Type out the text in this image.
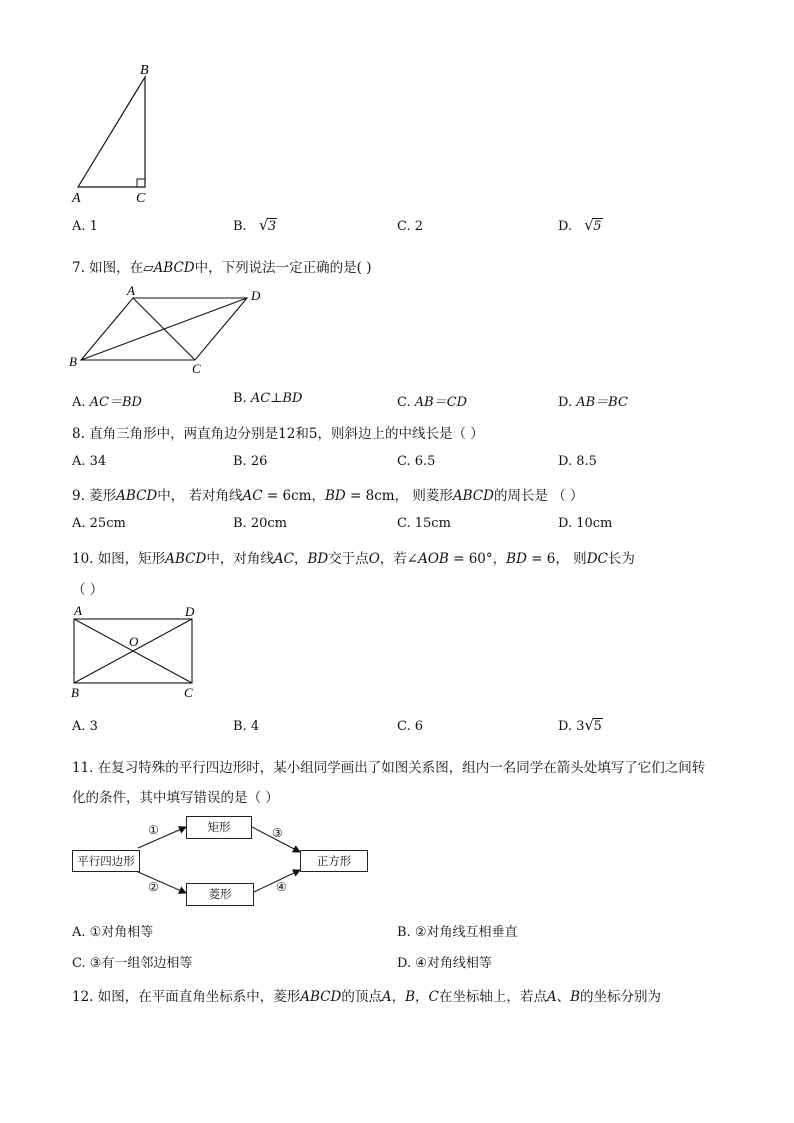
B
A	C
A. 1	B. √ 3	C. 2	D. √ 5
7. 如图，在▱ABCD中，下列说法一定正确的是( )
A	D
B	C
A. AC＝BD	B. AC⊥BD	C. AB＝CD	D. AB＝BC
8. 直角三角形中，两直角边分别是12和5，则斜边上的中线长是（ ）
A. 34	B. 26	C. 6.5	D. 8.5
9. 菱形ABCD中， 若对角线AC = 6cm，BD = 8cm， 则菱形ABCD的周长是 （ ）
A. 25cm	B. 20cm	C. 15cm	D. 10cm
10. 如图，矩形ABCD中，对角线AC，BD交于点O，若∠AOB = 60°，BD = 6， 则DC长为
（ ）
A	D
O
B	C
A. 3	B. 4	C. 6	D. 3 √ 5
11. 在复习特殊的平行四边形时，某小组同学画出了如图关系图，组内一名同学在箭头处填写了它们之间转
化的条件，其中填写错误的是（ ）
平行四边形
矩形
菱形
正方形
①
②
③
④
A. ①对角相等	B. ②对角线互相垂直
C. ③有一组邻边相等	D. ④对角线相等
12. 如图，在平面直角坐标系中，菱形ABCD的顶点A，B，C在坐标轴上，若点A、B的坐标分别为
